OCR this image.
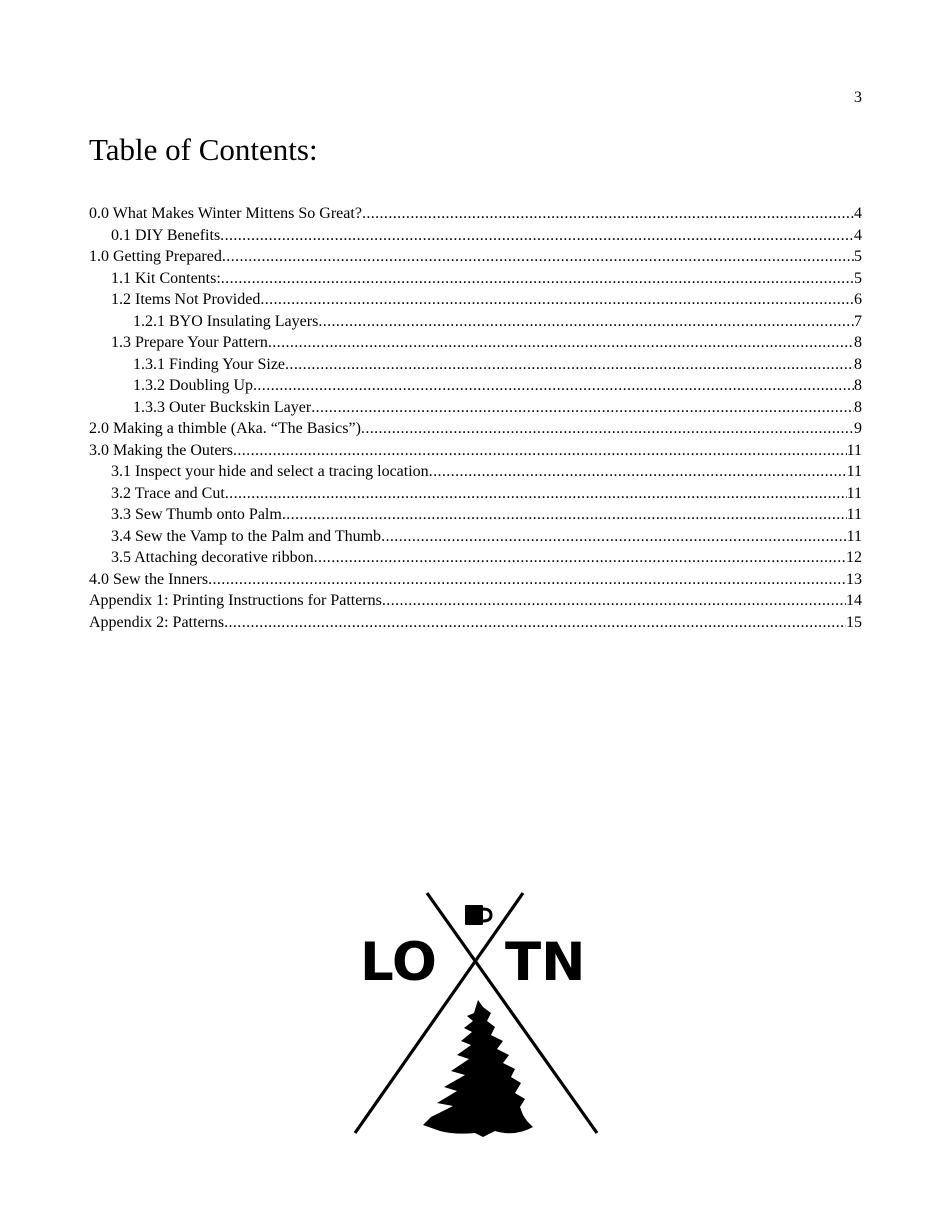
3
Table of Contents:
0.0 What Makes Winter Mittens So Great? .....	4
0.1 DIY Benefits .....	4
1.0 Getting Prepared .....	5
1.1 Kit Contents: .....	5
1.2 Items Not Provided .....	6
1.2.1 BYO Insulating Layers .....	7
1.3 Prepare Your Pattern .....	8
1.3.1 Finding Your Size .....	8
1.3.2 Doubling Up .....	8
1.3.3 Outer Buckskin Layer .....	8
2.0 Making a thimble (Aka. “The Basics”) .....	9
3.0 Making the Outers .....	11
3.1 Inspect your hide and select a tracing location .....	11
3.2 Trace and Cut .....	11
3.3 Sew Thumb onto Palm .....	11
3.4 Sew the Vamp to the Palm and Thumb .....	11
3.5 Attaching decorative ribbon .....	12
4.0 Sew the Inners .....	13
Appendix 1: Printing Instructions for Patterns .....	14
Appendix 2: Patterns .....	15
LO TN
